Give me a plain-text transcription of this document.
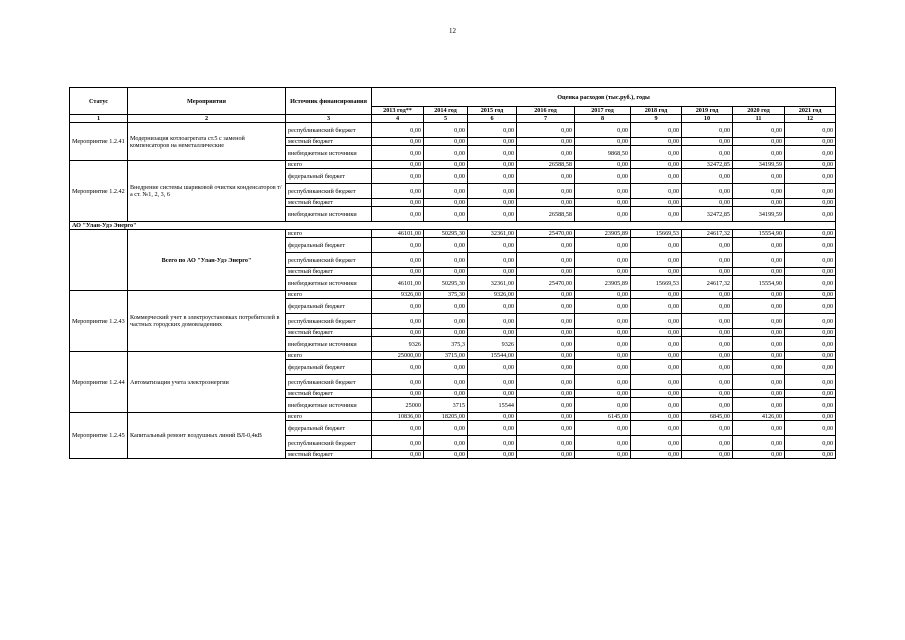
12
Статус	Мероприятия	Источник финансирования	Оценка расходов (тыс.руб.), годы								
			2013 год**	2014 год	2015 год	2016 год	2017 год	2018 год	2019 год	2020 год	2021 год
1	2	3	4	5	6	7	8	9	10	11	12
Мероприятие 1.2.41	Модернизация котлоагрегата ст.5 с заменой компенсаторов на неметаллические	республиканский бюджет	0,00	0,00	0,00	0,00	0,00	0,00	0,00	0,00	0,00
		местный бюджет	0,00	0,00	0,00	0,00	0,00	0,00	0,00	0,00	0,00
		внебюджетные источники	0,00	0,00	0,00	0,00	9868,50	0,00	0,00	0,00	0,00
Мероприятие 1.2.42	Внедрение системы шариковой очистки конденсаторов т/а ст. №1, 2, 3, 6	всего	0,00	0,00	0,00	26588,58	0,00	0,00	32472,85	34199,59	0,00
		федеральный бюджет	0,00	0,00	0,00	0,00	0,00	0,00	0,00	0,00	0,00
		республиканский бюджет	0,00	0,00	0,00	0,00	0,00	0,00	0,00	0,00	0,00
		местный бюджет	0,00	0,00	0,00	0,00	0,00	0,00	0,00	0,00	0,00
		внебюджетные источники	0,00	0,00	0,00	26588,58	0,00	0,00	32472,85	34199,59	0,00
АО "Улан-Удэ Энерго"											
	Всего по АО "Улан-Удэ Энерго"	всего	46101,00	50295,30	32361,00	25470,00	23905,89	15669,53	24617,32	15554,90	0,00
		федеральный бюджет	0,00	0,00	0,00	0,00	0,00	0,00	0,00	0,00	0,00
		республиканский бюджет	0,00	0,00	0,00	0,00	0,00	0,00	0,00	0,00	0,00
		местный бюджет	0,00	0,00	0,00	0,00	0,00	0,00	0,00	0,00	0,00
		внебюджетные источники	46101,00	50295,30	32361,00	25470,00	23905,89	15669,53	24617,32	15554,90	0,00
Мероприятие 1.2.43	Коммерческий учет в электроустановках потребителей в частных городских домовладениях	всего	9326,00	375,30	9326,00	0,00	0,00	0,00	0,00	0,00	0,00
		федеральный бюджет	0,00	0,00	0,00	0,00	0,00	0,00	0,00	0,00	0,00
		республиканский бюджет	0,00	0,00	0,00	0,00	0,00	0,00	0,00	0,00	0,00
		местный бюджет	0,00	0,00	0,00	0,00	0,00	0,00	0,00	0,00	0,00
		внебюджетные источники	9326	375,3	9326	0,00	0,00	0,00	0,00	0,00	0,00
Мероприятие 1.2.44	Автоматизация учета электроэнергии	всего	25000,00	3715,00	15544,00	0,00	0,00	0,00	0,00	0,00	0,00
		федеральный бюджет	0,00	0,00	0,00	0,00	0,00	0,00	0,00	0,00	0,00
		республиканский бюджет	0,00	0,00	0,00	0,00	0,00	0,00	0,00	0,00	0,00
		местный бюджет	0,00	0,00	0,00	0,00	0,00	0,00	0,00	0,00	0,00
		внебюджетные источники	25000	3715	15544	0,00	0,00	0,00	0,00	0,00	0,00
Мероприятие 1.2.45	Капитальный ремонт воздушных линий ВЛ-0,4кВ	всего	10836,00	18205,00	0,00	0,00	6145,00	0,00	6845,00	4126,00	0,00
		федеральный бюджет	0,00	0,00	0,00	0,00	0,00	0,00	0,00	0,00	0,00
		республиканский бюджет	0,00	0,00	0,00	0,00	0,00	0,00	0,00	0,00	0,00
		местный бюджет	0,00	0,00	0,00	0,00	0,00	0,00	0,00	0,00	0,00
